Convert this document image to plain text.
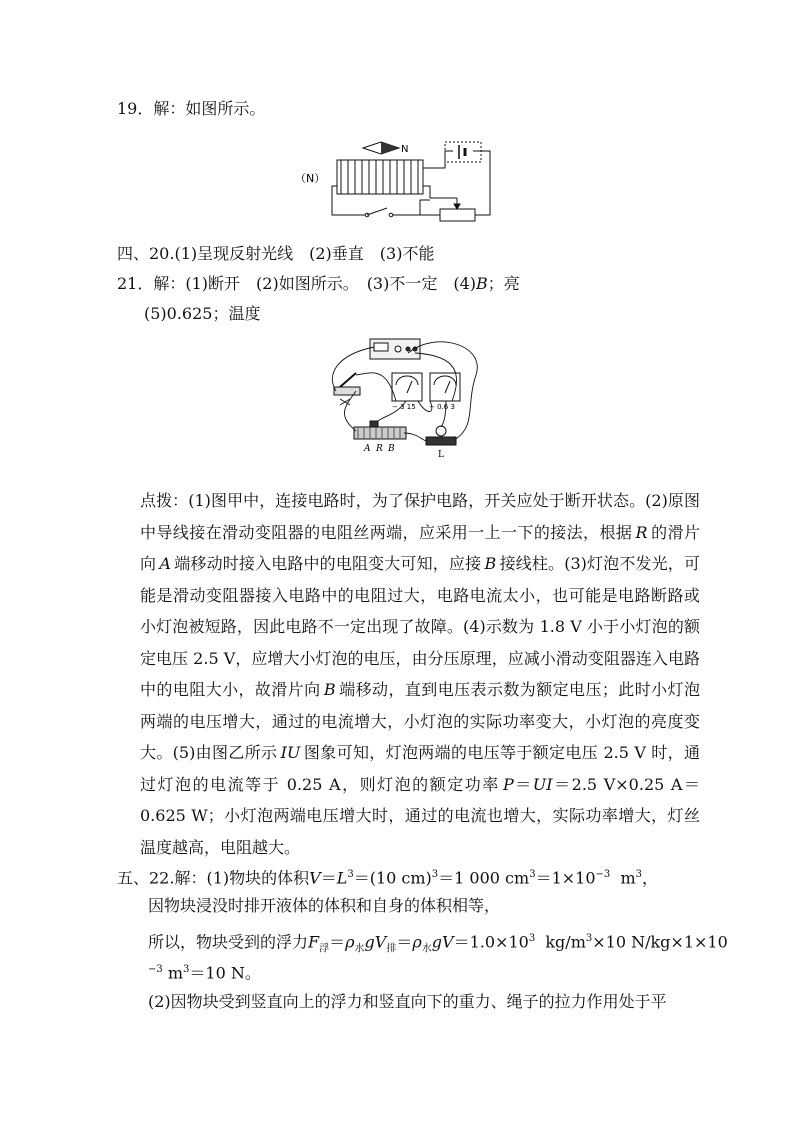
19．解：如图所示。
（N）
N
四、20.(1)呈现反射光线　(2)垂直　(3)不能
21．解：(1)断开　(2)如图所示。　(3)不一定　(4)B；亮
(5)0.625；温度
− 3 15 − 0.6 3
A R B
L
点拨：(1)图甲中，连接电路时，为了保护电路，开关应处于断开状态。(2)原图中导线接在滑动变阻器的电阻丝两端，应采用一上一下的接法，根据  R  的滑片向  A  端移动时接入电路中的电阻变大可知，应接  B  接线柱。(3)灯泡不发光，可能是滑动变阻器接入电路中的电阻过大，电路电流太小，也可能是电路断路或小灯泡被短路，因此电路不一定出现了故障。(4)示数为 1.8 V 小于小灯泡的额定电压 2.5 V，应增大小灯泡的电压，由分压原理，应减小滑动变阻器连入电路中的电阻大小，故滑片向  B  端移动，直到电压表示数为额定电压；此时小灯泡两端的电压增大，通过的电流增大，小灯泡的实际功率变大，小灯泡的亮度变大。(5)由图乙所示  IU  图象可知，灯泡两端的电压等于额定电压 2.5 V 时，通过灯泡的电流等于 0.25 A，则灯泡的额定功率  P＝UI＝2.5 V×0.25 A＝0.625 W；小灯泡两端电压增大时，通过的电流也增大，实际功率增大，灯丝温度越高，电阻越大。
五、22.解：(1)物块的体积$V=L^3=(10$ cm)$^3$＝1 000 $cm^3=1\times 10^{-3}$ $m^3$，
因物块浸没时排开液体的体积和自身的体积相等，
所以，物块受到的浮力$F_浮=\rho_水gV_排=\rho_水gV=1.0\times 10^3$ $kg/m^3\times 10$ N/kg×1×10
$^{-3}$ $m^3=10$ N。
(2)因物块受到竖直向上的浮力和竖直向下的重力、绳子的拉力作用处于平
